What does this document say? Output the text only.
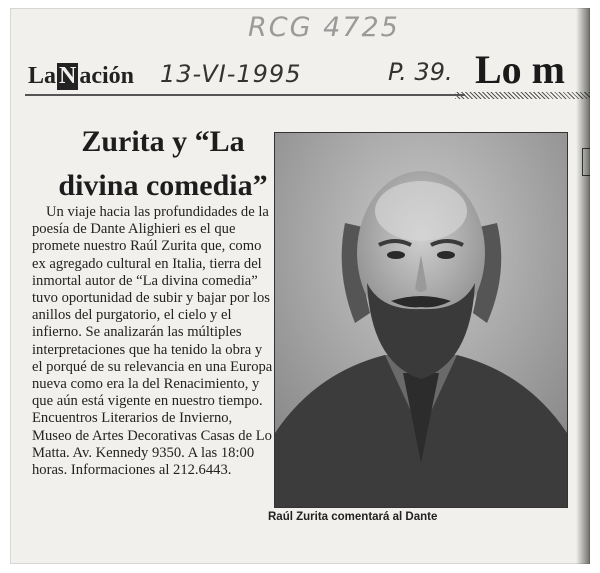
RCG 4725
La N ación 13-VI-1995	P. 39. Lo m
Zurita y “La divina comedia”

Un viaje hacia las profundidades de la poesía de Dante Alighieri es el que promete nuestro Raúl Zurita que, como ex agregado cultural en Italia, tierra del inmortal autor de “La divina comedia” tuvo oportunidad de subir y bajar por los anillos del purgatorio, el cielo y el infierno. Se analizarán las múltiples interpretaciones que ha tenido la obra y el porqué de su relevancia en una Europa nueva como era la del Renacimiento, y que aún está vigente en nuestro tiempo. Encuentros Literarios de Invierno, Museo de Artes Decorativas Casas de Lo Matta. Av. Kennedy 9350. A las 18:00 horas. Informaciones al 212.6443.

Raúl Zurita comentará al Dante
